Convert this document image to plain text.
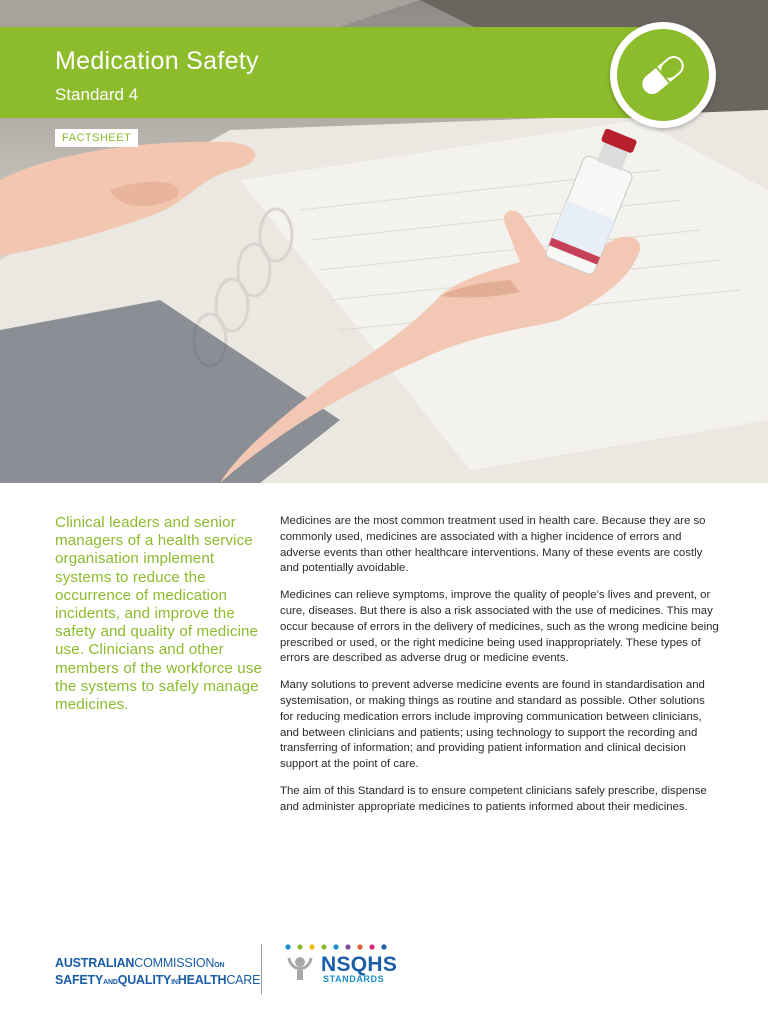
Medication Safety
Standard 4
FACTSHEET

Clinical leaders and senior managers of a health service organisation implement systems to reduce the occurrence of medication incidents, and improve the safety and quality of medicine use. Clinicians and other members of the workforce use the systems to safely manage medicines.

Medicines are the most common treatment used in health care. Because they are so commonly used, medicines are associated with a higher incidence of errors and adverse events than other healthcare interventions. Many of these events are costly and potentially avoidable.

Medicines can relieve symptoms, improve the quality of people’s lives and prevent, or cure, diseases. But there is also a risk associated with the use of medicines. This may occur because of errors in the delivery of medicines, such as the wrong medicine being prescribed or used, or the right medicine being used inappropriately. These types of errors are described as adverse drug or medicine events.

Many solutions to prevent adverse medicine events are found in standardisation and systemisation, or making things as routine and standard as possible. Other solutions for reducing medication errors include improving communication between clinicians, and between clinicians and patients; using technology to support the recording and transferring of information; and providing patient information and clinical decision support at the point of care.

The aim of this Standard is to ensure competent clinicians safely prescribe, dispense and administer appropriate medicines to patients informed about their medicines.

AUSTRALIANCOMMISSIONON
SAFETYANDQUALITYINHEALTHCARE
NSQHS
STANDARDS
